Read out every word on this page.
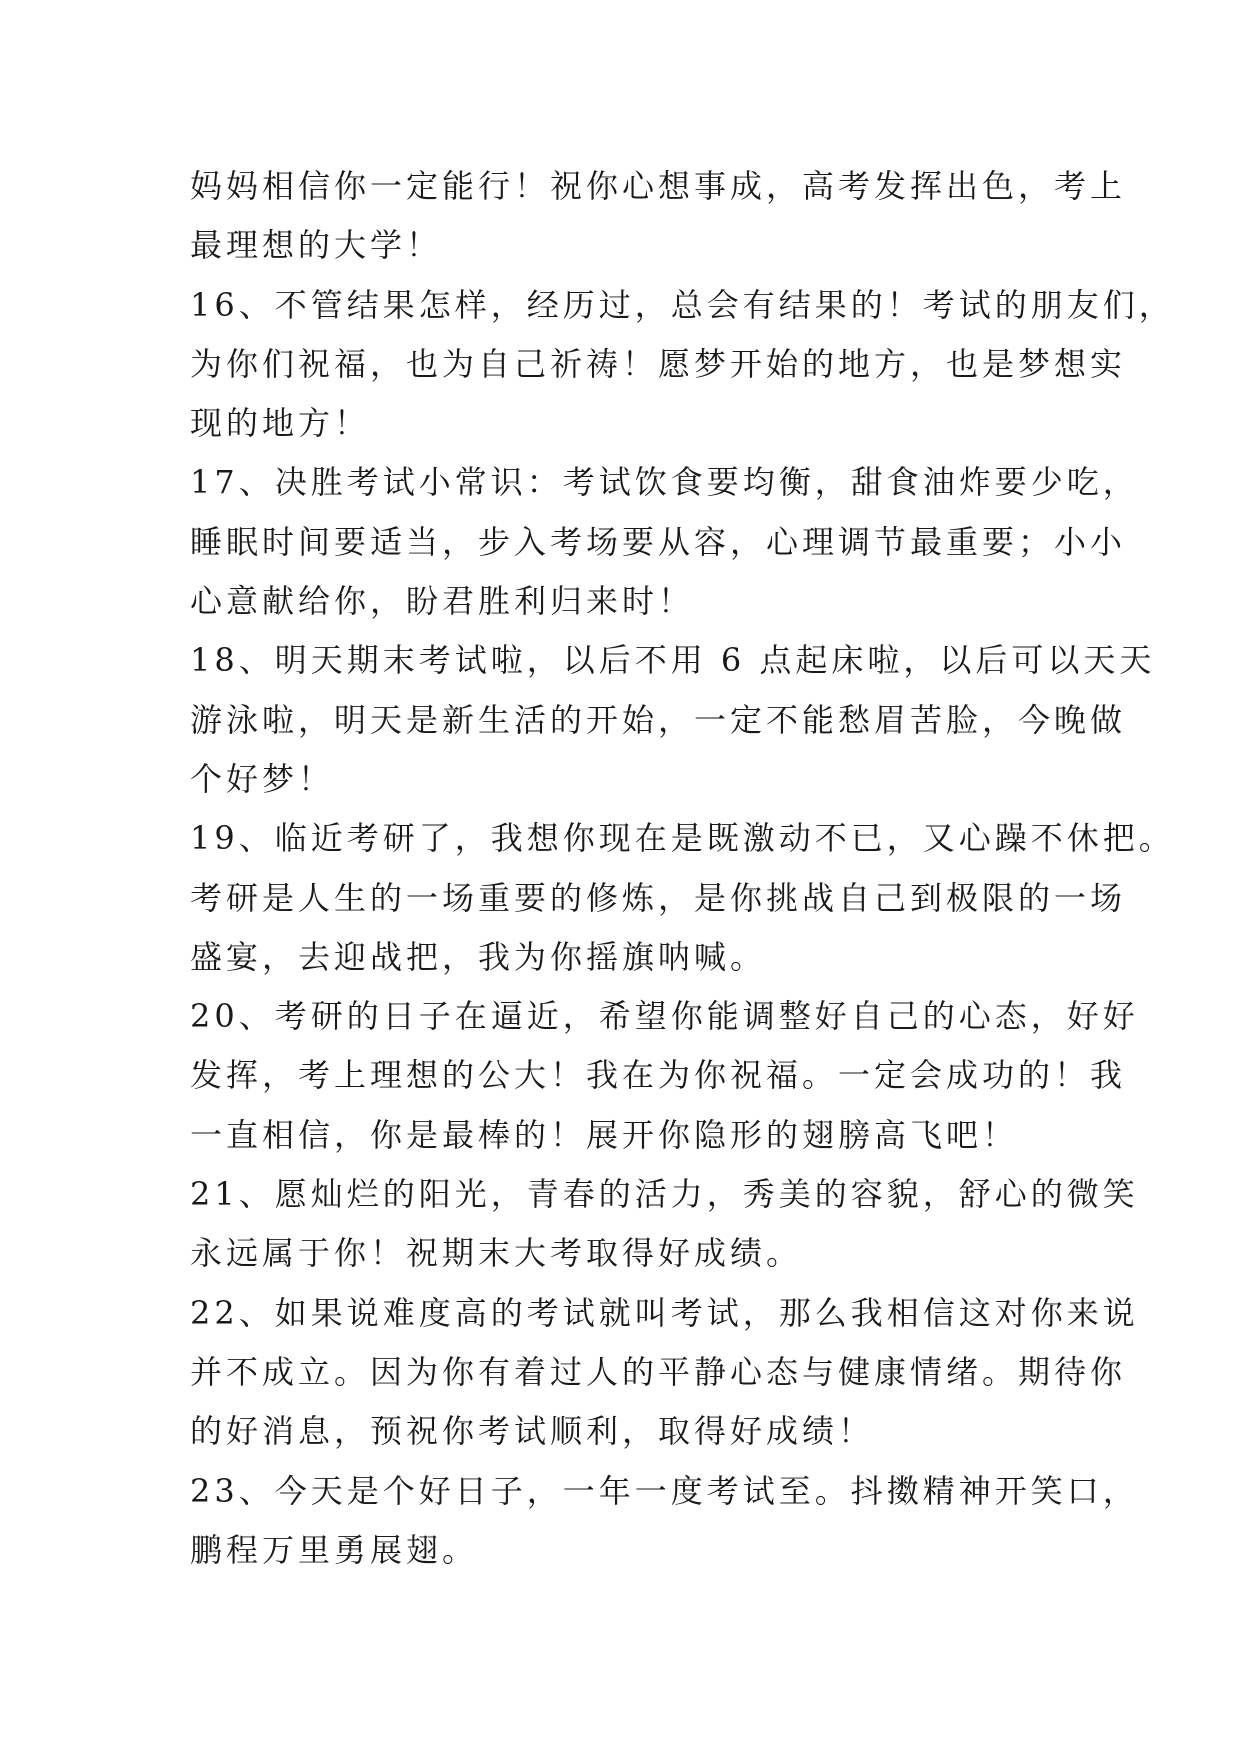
妈妈相信你一定能行！祝你心想事成，高考发挥出色，考上
最理想的大学！
16、不管结果怎样，经历过，总会有结果的！考试的朋友们，
为你们祝福，也为自己祈祷！愿梦开始的地方，也是梦想实
现的地方！
17、决胜考试小常识：考试饮食要均衡，甜食油炸要少吃，
睡眠时间要适当，步入考场要从容，心理调节最重要；小小
心意献给你，盼君胜利归来时！
18、明天期末考试啦，以后不用 6 点起床啦，以后可以天天
游泳啦，明天是新生活的开始，一定不能愁眉苦脸，今晚做
个好梦！
19、临近考研了，我想你现在是既激动不已，又心躁不休把。
考研是人生的一场重要的修炼，是你挑战自己到极限的一场
盛宴，去迎战把，我为你摇旗呐喊。
20、考研的日子在逼近，希望你能调整好自己的心态，好好
发挥，考上理想的公大！我在为你祝福。一定会成功的！我
一直相信，你是最棒的！展开你隐形的翅膀高飞吧！
21、愿灿烂的阳光，青春的活力，秀美的容貌，舒心的微笑
永远属于你！祝期末大考取得好成绩。
22、如果说难度高的考试就叫考试，那么我相信这对你来说
并不成立。因为你有着过人的平静心态与健康情绪。期待你
的好消息，预祝你考试顺利，取得好成绩！
23、今天是个好日子，一年一度考试至。抖擞精神开笑口，
鹏程万里勇展翅。
